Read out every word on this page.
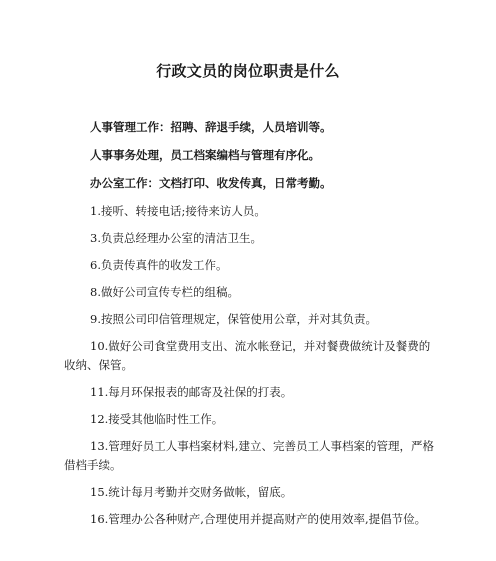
行政文员的岗位职责是什么

人事管理工作：招聘、辞退手续，人员培训等。

人事事务处理，员工档案编档与管理有序化。

办公室工作：文档打印、收发传真，日常考勤。

1.接听、转接电话;接待来访人员。

3.负责总经理办公室的清洁卫生。

6.负责传真件的收发工作。

8.做好公司宣传专栏的组稿。

9.按照公司印信管理规定，保管使用公章，并对其负责。

10.做好公司食堂费用支出、流水帐登记，并对餐费做统计及餐费的收纳、保管。

11.每月环保报表的邮寄及社保的打表。

12.接受其他临时性工作。

13.管理好员工人事档案材料,建立、完善员工人事档案的管理，严格借档手续。

15.统计每月考勤并交财务做帐，留底。

16.管理办公各种财产,合理使用并提高财产的使用效率,提倡节俭。
